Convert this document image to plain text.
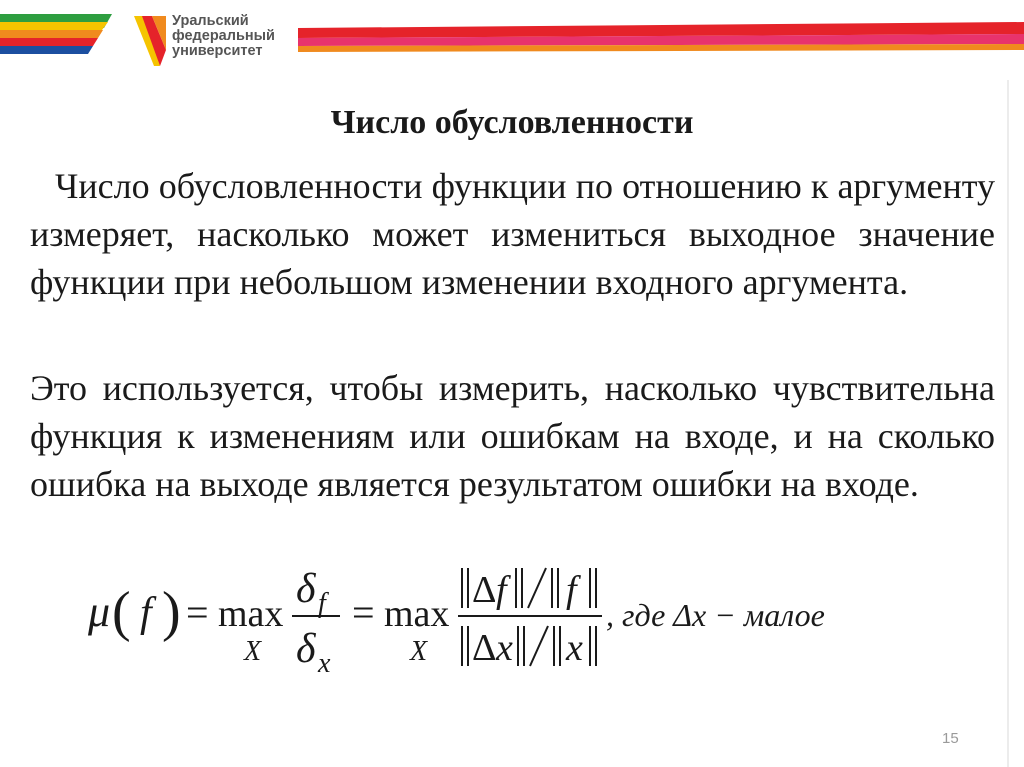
Уральский
федеральный
университет
Число обусловленности

Число обусловленности функции по отношению к аргументу измеряет, насколько может измениться выходное значение функции при небольшом изменении входного аргумента.

Это используется, чтобы измерить, насколько чувствительна функция к изменениям или ошибкам на входе, и на сколько ошибка на выходе является результатом ошибки на входе.

μ ( f ) = max
X
δ f
δ x
= max
X
Δ f f
Δ x x
, где Δx − малое
15
